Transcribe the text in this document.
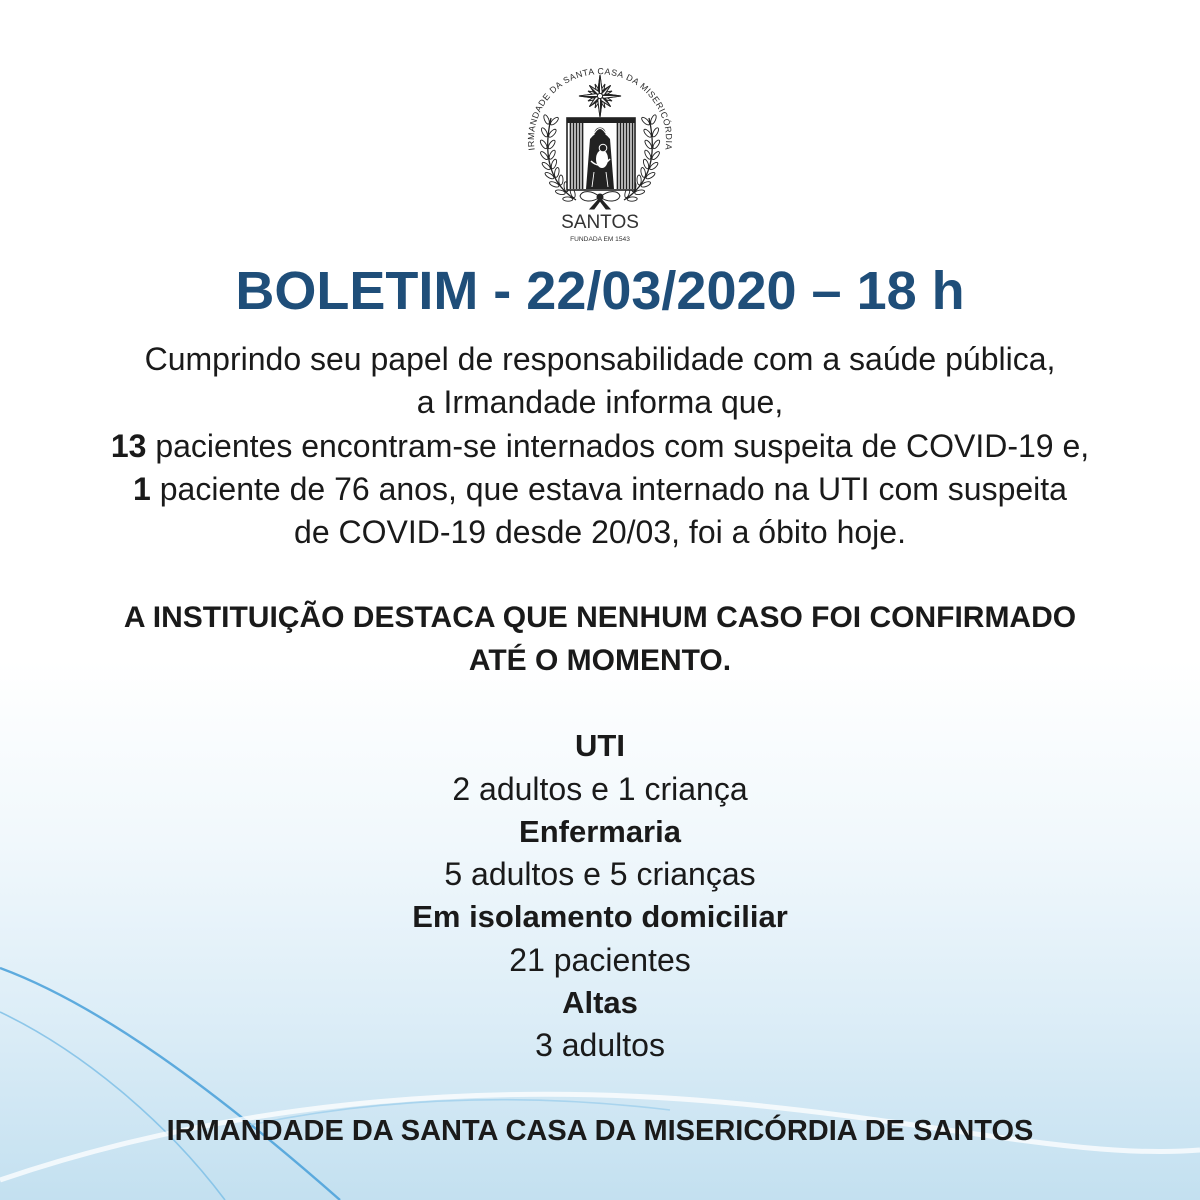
IRMANDADE DA SANTA CASA DA MISERICÓRDIA
SANTOS
FUNDADA EM 1543
BOLETIM - 22/03/2020 – 18 h
Cumprindo seu papel de responsabilidade com a saúde pública,
a Irmandade informa que,
13 pacientes encontram-se internados com suspeita de COVID-19 e,
1 paciente de 76 anos, que estava internado na UTI com suspeita
de COVID-19 desde 20/03, foi a óbito hoje.
A INSTITUIÇÃO DESTACA QUE NENHUM CASO FOI CONFIRMADO
ATÉ O MOMENTO.
UTI
2 adultos e 1 criança
Enfermaria
5 adultos e 5 crianças
Em isolamento domiciliar
21 pacientes
Altas
3 adultos
IRMANDADE DA SANTA CASA DA MISERICÓRDIA DE SANTOS
